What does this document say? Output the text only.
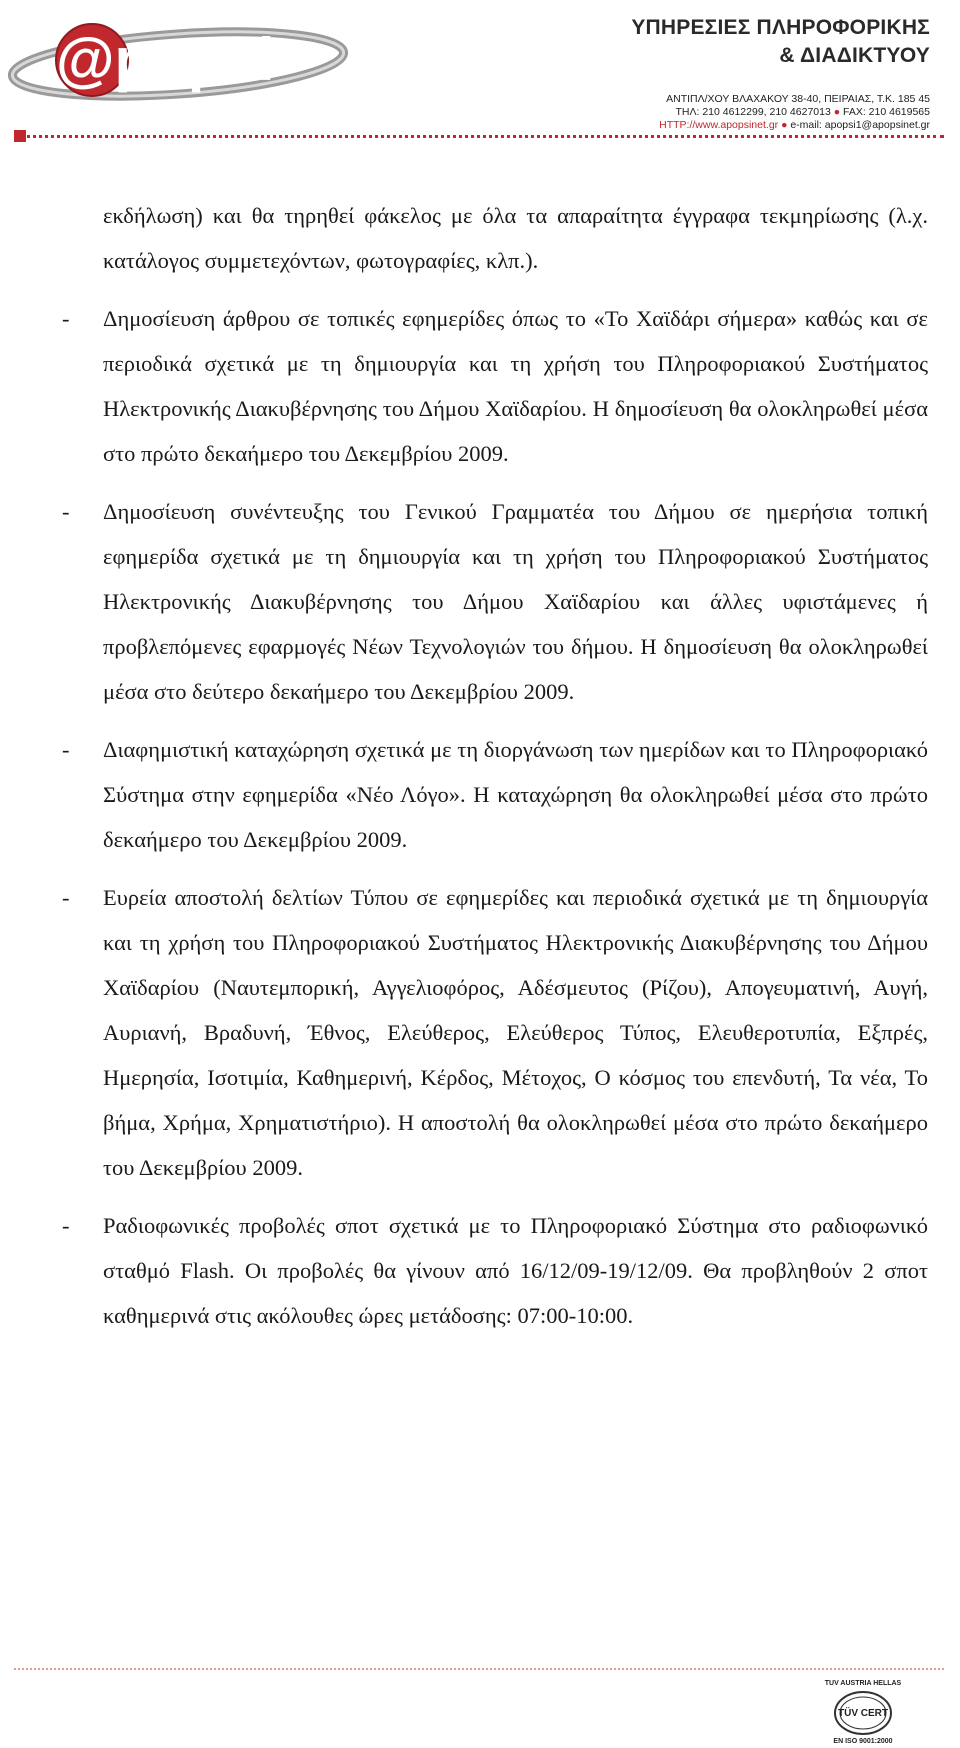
@popsi	ΥΠΗΡΕΣΙΕΣ ΠΛΗΡΟΦΟΡΙΚΗΣ
& ΔΙΑΔΙΚΤΥΟΥ
ΑΝΤΙΠΛ/ΧΟΥ ΒΛΑΧΑΚΟΥ 38-40, ΠΕΙΡΑΙΑΣ, Τ.Κ. 185 45
ΤΗΛ: 210 4612299, 210 4627013 ● FAX: 210 4619565
HTTP://www.apopsinet.gr ● e-mail: apopsi1@apopsinet.gr
εκδήλωση) και θα τηρηθεί φάκελος με όλα τα απαραίτητα έγγραφα τεκμηρίωσης (λ.χ. κατάλογος συμμετεχόντων, φωτογραφίες, κλπ.).
- Δημοσίευση άρθρου σε τοπικές εφημερίδες όπως το «Το Χαϊδάρι σήμερα» καθώς και σε περιοδικά σχετικά με τη δημιουργία και τη χρήση του Πληροφοριακού Συστήματος Ηλεκτρονικής Διακυβέρνησης του Δήμου Χαϊδαρίου. Η δημοσίευση θα ολοκληρωθεί μέσα στο πρώτο δεκαήμερο του Δεκεμβρίου 2009.
- Δημοσίευση συνέντευξης του Γενικού Γραμματέα του Δήμου σε ημερήσια τοπική εφημερίδα σχετικά με τη δημιουργία και τη χρήση του Πληροφοριακού Συστήματος Ηλεκτρονικής Διακυβέρνησης του Δήμου Χαϊδαρίου και άλλες υφιστάμενες ή προβλεπόμενες εφαρμογές Νέων Τεχνολογιών του δήμου. Η δημοσίευση θα ολοκληρωθεί μέσα στο δεύτερο δεκαήμερο του Δεκεμβρίου 2009.
- Διαφημιστική καταχώρηση σχετικά με τη διοργάνωση των ημερίδων και το Πληροφοριακό Σύστημα στην εφημερίδα «Νέο Λόγο». Η καταχώρηση θα ολοκληρωθεί μέσα στο πρώτο δεκαήμερο του Δεκεμβρίου 2009.
- Ευρεία αποστολή δελτίων Τύπου σε εφημερίδες και περιοδικά σχετικά με τη δημιουργία και τη χρήση του Πληροφοριακού Συστήματος Ηλεκτρονικής Διακυβέρνησης του Δήμου Χαϊδαρίου (Ναυτεμπορική, Αγγελιοφόρος, Αδέσμευτος (Ρίζου), Απογευματινή, Αυγή, Αυριανή, Βραδυνή, Έθνος, Ελεύθερος, Ελεύθερος Τύπος, Ελευθεροτυπία, Εξπρές, Ημερησία, Ισοτιμία, Καθημερινή, Κέρδος, Μέτοχος, Ο κόσμος του επενδυτή, Τα νέα, Το βήμα, Χρήμα, Χρηματιστήριο). Η αποστολή θα ολοκληρωθεί μέσα στο πρώτο δεκαήμερο του Δεκεμβρίου 2009.
- Ραδιοφωνικές προβολές σποτ σχετικά με το Πληροφοριακό Σύστημα στο ραδιοφωνικό σταθμό Flash. Οι προβολές θα γίνουν από 16/12/09-19/12/09. Θα προβληθούν 2 σποτ καθημερινά στις ακόλουθες ώρες μετάδοσης: 07:00-10:00.
TUV AUSTRIA HELLAS
TÜV CERT
EN ISO 9001:2000
